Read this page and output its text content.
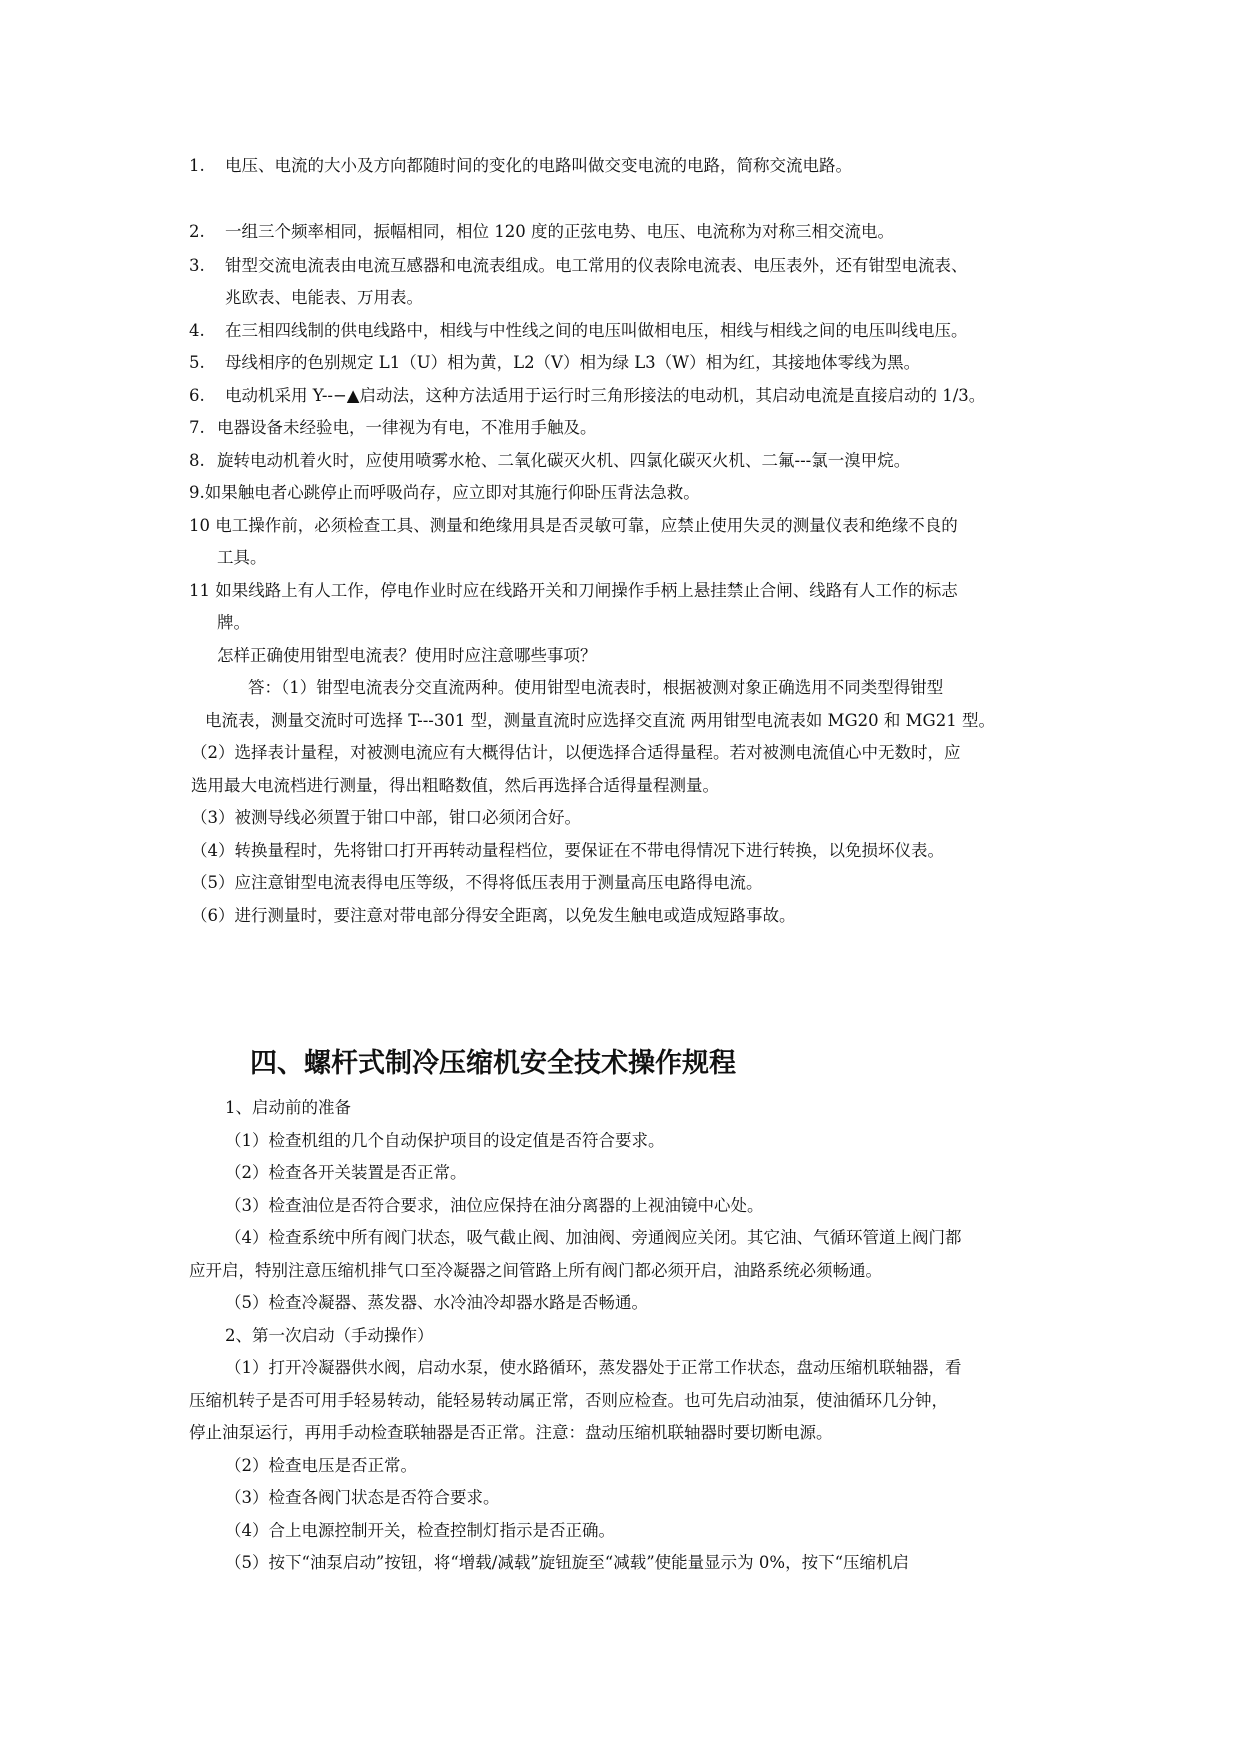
1. 电压、电流的大小及方向都随时间的变化的电路叫做交变电流的电路，简称交流电路。

2. 一组三个频率相同，振幅相同，相位 120 度的正弦电势、电压、电流称为对称三相交流电。

3. 钳型交流电流表由电流互感器和电流表组成。电工常用的仪表除电流表、电压表外，还有钳型电流表、

兆欧表、电能表、万用表。

4. 在三相四线制的供电线路中，相线与中性线之间的电压叫做相电压，相线与相线之间的电压叫线电压。

5. 母线相序的色别规定 L1（U）相为黄，L2（V）相为绿 L3（W）相为红，其接地体零线为黑。

6. 电动机采用 Y--−▲启动法，这种方法适用于运行时三角形接法的电动机，其启动电流是直接启动的 1/3。

7. 电器设备未经验电，一律视为有电，不准用手触及。

8. 旋转电动机着火时，应使用喷雾水枪、二氧化碳灭火机、四氯化碳灭火机、二氟---氯一溴甲烷。

9.如果触电者心跳停止而呼吸尚存，应立即对其施行仰卧压背法急救。

10 电工操作前，必须检查工具、测量和绝缘用具是否灵敏可靠，应禁止使用失灵的测量仪表和绝缘不良的

工具。

11 如果线路上有人工作，停电作业时应在线路开关和刀闸操作手柄上悬挂禁止合闸、线路有人工作的标志

牌。

怎样正确使用钳型电流表？使用时应注意哪些事项？

答：（1）钳型电流表分交直流两种。使用钳型电流表时，根据被测对象正确选用不同类型得钳型

电流表，测量交流时可选择 T---301 型，测量直流时应选择交直流 两用钳型电流表如 MG20 和 MG21 型。

（2）选择表计量程，对被测电流应有大概得估计，以便选择合适得量程。若对被测电流值心中无数时，应

选用最大电流档进行测量，得出粗略数值，然后再选择合适得量程测量。

（3）被测导线必须置于钳口中部，钳口必须闭合好。

（4）转换量程时，先将钳口打开再转动量程档位，要保证在不带电得情况下进行转换，以免损坏仪表。

（5）应注意钳型电流表得电压等级，不得将低压表用于测量高压电路得电流。

（6）进行测量时，要注意对带电部分得安全距离，以免发生触电或造成短路事故。

四、螺杆式制冷压缩机安全技术操作规程

1、启动前的准备

（1）检查机组的几个自动保护项目的设定值是否符合要求。

（2）检查各开关装置是否正常。

（3）检查油位是否符合要求，油位应保持在油分离器的上视油镜中心处。

（4）检查系统中所有阀门状态，吸气截止阀、加油阀、旁通阀应关闭。其它油、气循环管道上阀门都

应开启，特别注意压缩机排气口至冷凝器之间管路上所有阀门都必须开启，油路系统必须畅通。

（5）检查冷凝器、蒸发器、水冷油冷却器水路是否畅通。

2、第一次启动（手动操作）

（1）打开冷凝器供水阀，启动水泵，使水路循环，蒸发器处于正常工作状态，盘动压缩机联轴器，看

压缩机转子是否可用手轻易转动，能轻易转动属正常，否则应检查。也可先启动油泵，使油循环几分钟，

停止油泵运行，再用手动检查联轴器是否正常。注意：盘动压缩机联轴器时要切断电源。

（2）检查电压是否正常。

（3）检查各阀门状态是否符合要求。

（4）合上电源控制开关，检查控制灯指示是否正确。

（5）按下“油泵启动”按钮，将“增载/减载”旋钮旋至“减载”使能量显示为 0%，按下“压缩机启
